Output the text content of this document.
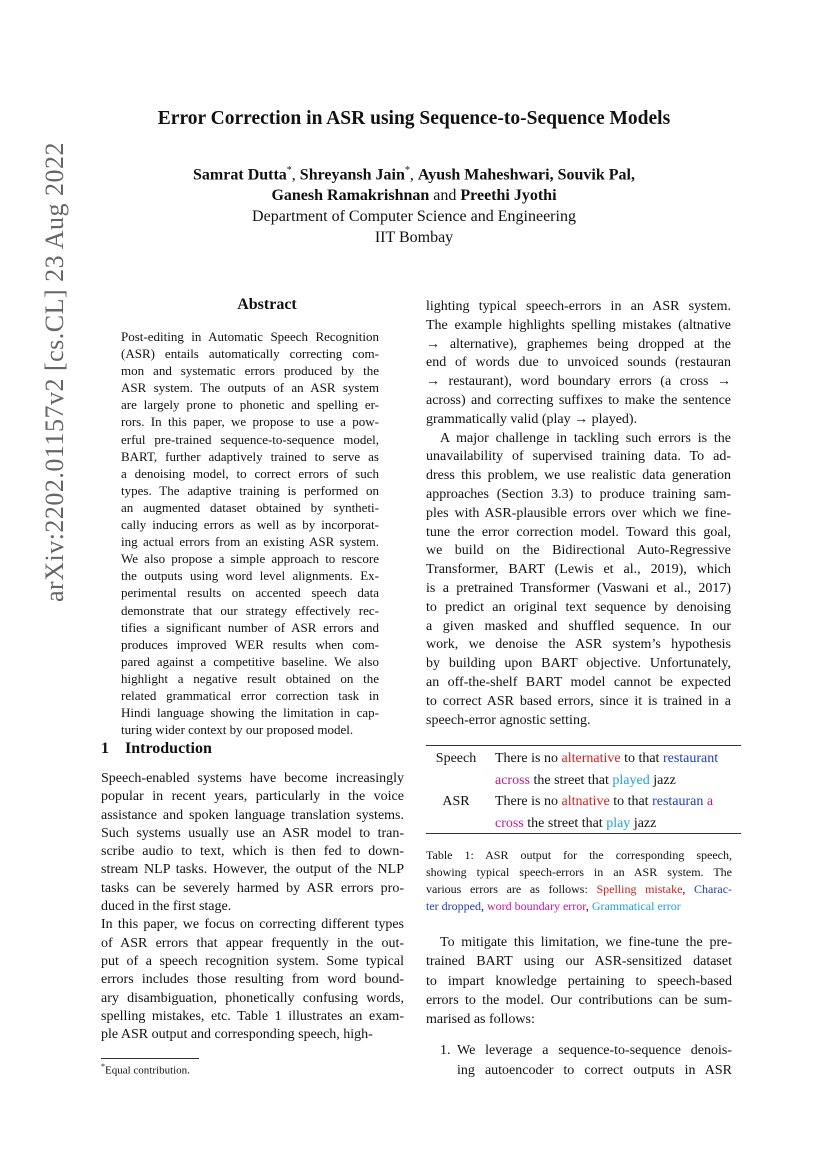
Error Correction in ASR using Sequence-to-Sequence Models
Samrat Dutta*, Shreyansh Jain*, Ayush Maheshwari, Souvik Pal,
Ganesh Ramakrishnan and Preethi Jyothi
Department of Computer Science and Engineering
IIT Bombay
arXiv:2202.01157v2 [cs.CL] 23 Aug 2022	Abstract
Post-editing in Automatic Speech Recognition
(ASR) entails automatically correcting com-
mon and systematic errors produced by the
ASR system. The outputs of an ASR system
are largely prone to phonetic and spelling er-
rors. In this paper, we propose to use a pow-
erful pre-trained sequence-to-sequence model,
BART, further adaptively trained to serve as
a denoising model, to correct errors of such
types. The adaptive training is performed on
an augmented dataset obtained by syntheti-
cally inducing errors as well as by incorporat-
ing actual errors from an existing ASR system.
We also propose a simple approach to rescore
the outputs using word level alignments. Ex-
perimental results on accented speech data
demonstrate that our strategy effectively rec-
tifies a significant number of ASR errors and
produces improved WER results when com-
pared against a competitive baseline. We also
highlight a negative result obtained on the
related grammatical error correction task in
Hindi language showing the limitation in cap-
turing wider context by our proposed model.
1 Introduction
Speech-enabled systems have become increasingly
popular in recent years, particularly in the voice
assistance and spoken language translation systems.
Such systems usually use an ASR model to tran-
scribe audio to text, which is then fed to down-
stream NLP tasks. However, the output of the NLP
tasks can be severely harmed by ASR errors pro-
duced in the first stage.
In this paper, we focus on correcting different types
of ASR errors that appear frequently in the out-
put of a speech recognition system. Some typical
errors includes those resulting from word bound-
ary disambiguation, phonetically confusing words,
spelling mistakes, etc. Table 1 illustrates an exam-
ple ASR output and corresponding speech, high-
*Equal contribution.
lighting typical speech-errors in an ASR system.
The example highlights spelling mistakes (altnative
→ alternative), graphemes being dropped at the
end of words due to unvoiced sounds (restauran
→ restaurant), word boundary errors (a cross →
across) and correcting suffixes to make the sentence
grammatically valid (play → played).
A major challenge in tackling such errors is the
unavailability of supervised training data. To ad-
dress this problem, we use realistic data generation
approaches (Section 3.3) to produce training sam-
ples with ASR-plausible errors over which we fine-
tune the error correction model. Toward this goal,
we build on the Bidirectional Auto-Regressive
Transformer, BART (Lewis et al., 2019), which
is a pretrained Transformer (Vaswani et al., 2017)
to predict an original text sequence by denoising
a given masked and shuffled sequence. In our
work, we denoise the ASR system’s hypothesis
by building upon BART objective. Unfortunately,
an off-the-shelf BART model cannot be expected
to correct ASR based errors, since it is trained in a
speech-error agnostic setting.
Speech	There is no alternative to that restaurant
across the street that played jazz
ASR	There is no altnative to that restauran a
cross the street that play jazz
Table 1: ASR output for the corresponding speech,
showing typical speech-errors in an ASR system. The
various errors are as follows: Spelling mistake, Charac-
ter dropped, word boundary error, Grammatical error
To mitigate this limitation, we fine-tune the pre-
trained BART using our ASR-sensitized dataset
to impart knowledge pertaining to speech-based
errors to the model. Our contributions can be sum-
marised as follows:
1. We leverage a sequence-to-sequence denois-
ing autoencoder to correct outputs in ASR
